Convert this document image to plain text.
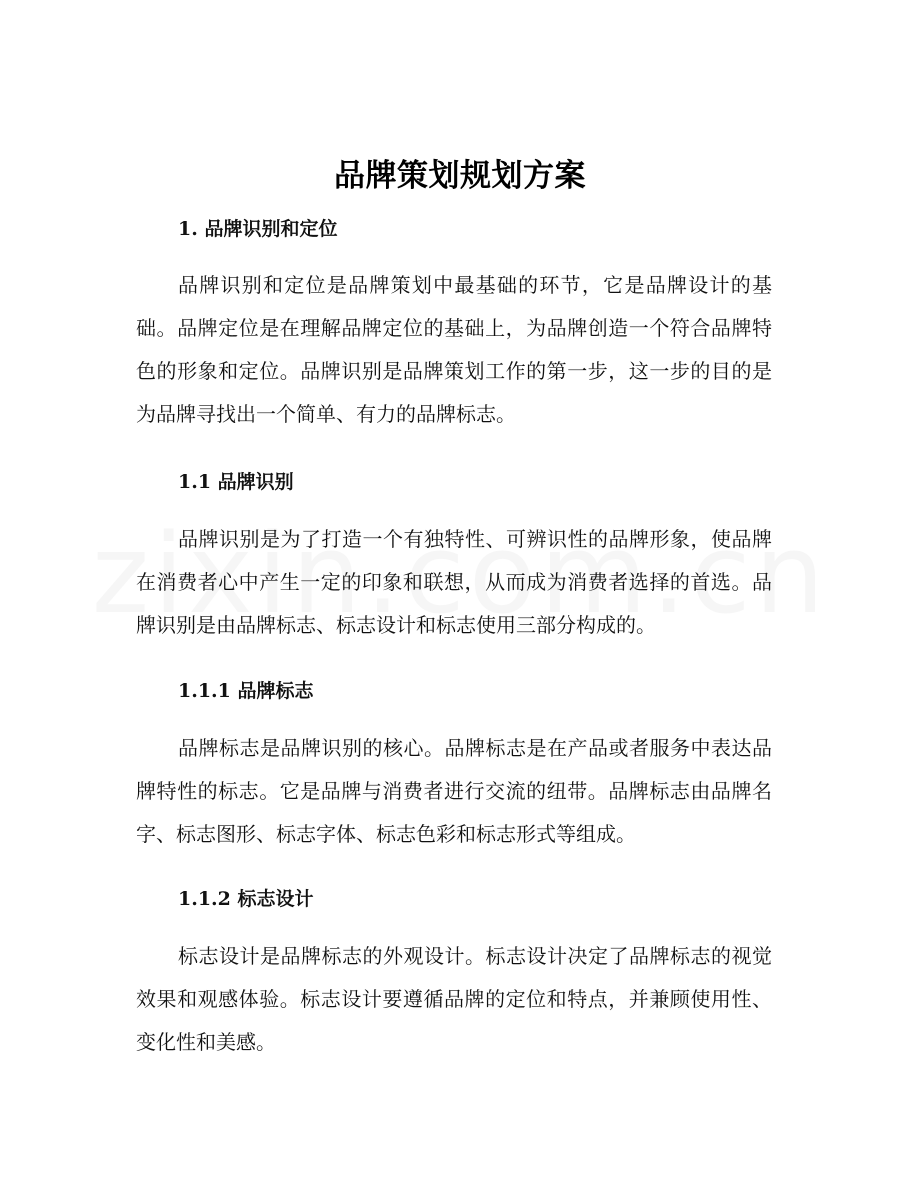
品牌策划规划方案
1. 品牌识别和定位

品牌识别和定位是品牌策划中最基础的环节，它是品牌设计的基础。品牌定位是在理解品牌定位的基础上，为品牌创造一个符合品牌特色的形象和定位。品牌识别是品牌策划工作的第一步，这一步的目的是为品牌寻找出一个简单、有力的品牌标志。

1.1 品牌识别

品牌识别是为了打造一个有独特性、可辨识性的品牌形象，使品牌在消费者心中产生一定的印象和联想，从而成为消费者选择的首选。品牌识别是由品牌标志、标志设计和标志使用三部分构成的。

1.1.1 品牌标志

品牌标志是品牌识别的核心。品牌标志是在产品或者服务中表达品牌特性的标志。它是品牌与消费者进行交流的纽带。品牌标志由品牌名字、标志图形、标志字体、标志色彩和标志形式等组成。

1.1.2 标志设计

标志设计是品牌标志的外观设计。标志设计决定了品牌标志的视觉效果和观感体验。标志设计要遵循品牌的定位和特点，并兼顾使用性、变化性和美感。
